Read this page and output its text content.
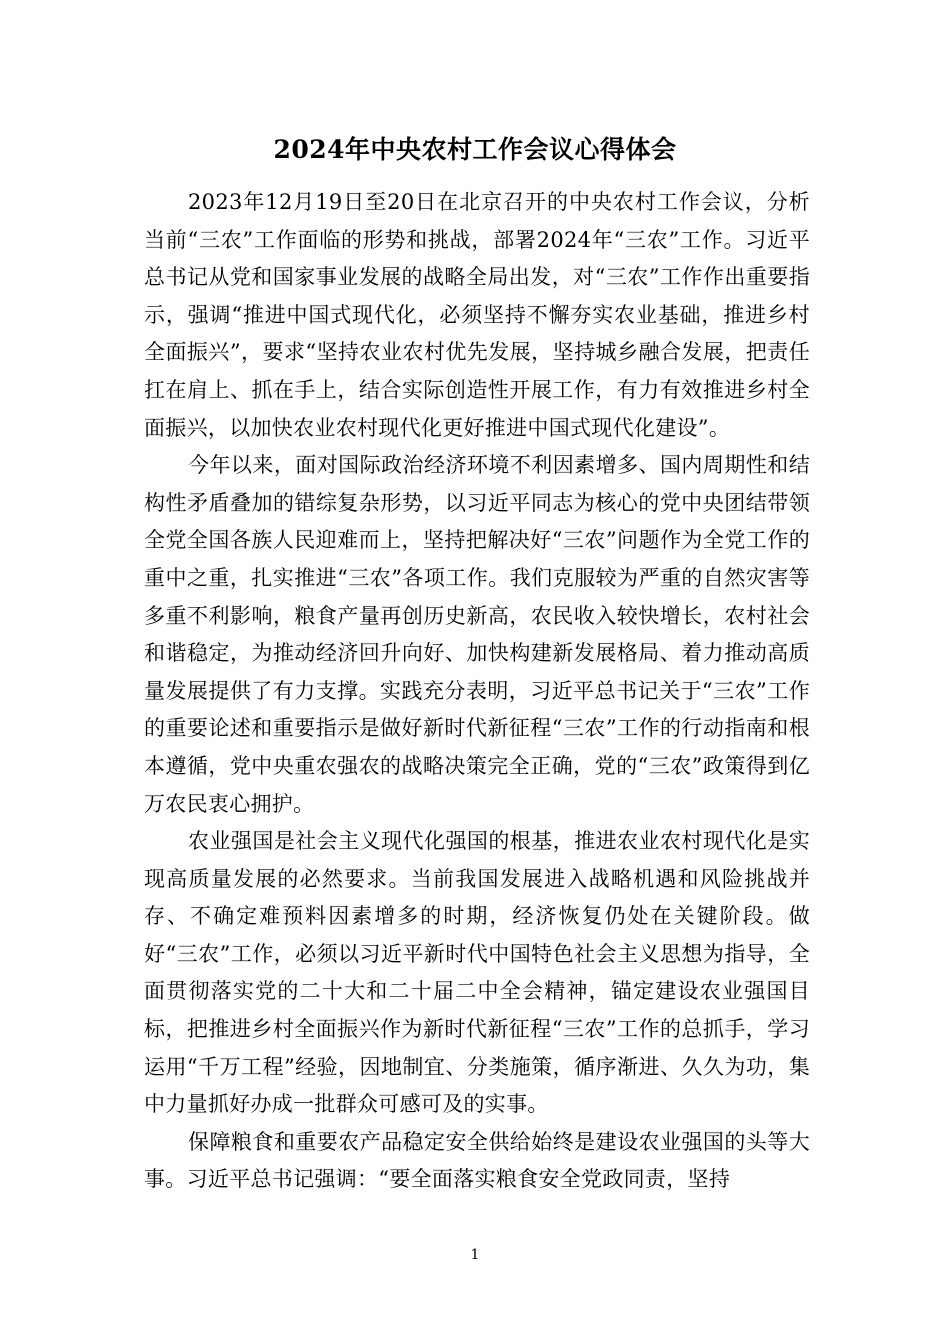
2024年中央农村工作会议心得体会

2023年12月19日至20日在北京召开的中央农村工作会议，分析当前“三农”工作面临的形势和挑战，部署2024年“三农”工作。习近平总书记从党和国家事业发展的战略全局出发，对“三农”工作作出重要指示，强调“推进中国式现代化，必须坚持不懈夯实农业基础，推进乡村全面振兴”，要求“坚持农业农村优先发展，坚持城乡融合发展，把责任扛在肩上、抓在手上，结合实际创造性开展工作，有力有效推进乡村全面振兴，以加快农业农村现代化更好推进中国式现代化建设”。

今年以来，面对国际政治经济环境不利因素增多、国内周期性和结构性矛盾叠加的错综复杂形势，以习近平同志为核心的党中央团结带领全党全国各族人民迎难而上，坚持把解决好“三农”问题作为全党工作的重中之重，扎实推进“三农”各项工作。我们克服较为严重的自然灾害等多重不利影响，粮食产量再创历史新高，农民收入较快增长，农村社会和谐稳定，为推动经济回升向好、加快构建新发展格局、着力推动高质量发展提供了有力支撑。实践充分表明，习近平总书记关于“三农”工作的重要论述和重要指示是做好新时代新征程“三农”工作的行动指南和根本遵循，党中央重农强农的战略决策完全正确，党的“三农”政策得到亿万农民衷心拥护。

农业强国是社会主义现代化强国的根基，推进农业农村现代化是实现高质量发展的必然要求。当前我国发展进入战略机遇和风险挑战并存、不确定难预料因素增多的时期，经济恢复仍处在关键阶段。做好“三农”工作，必须以习近平新时代中国特色社会主义思想为指导，全面贯彻落实党的二十大和二十届二中全会精神，锚定建设农业强国目标，把推进乡村全面振兴作为新时代新征程“三农”工作的总抓手，学习运用“千万工程”经验，因地制宜、分类施策，循序渐进、久久为功，集中力量抓好办成一批群众可感可及的实事。

保障粮食和重要农产品稳定安全供给始终是建设农业强国的头等大事。习近平总书记强调：“要全面落实粮食安全党政同责，坚持

1
